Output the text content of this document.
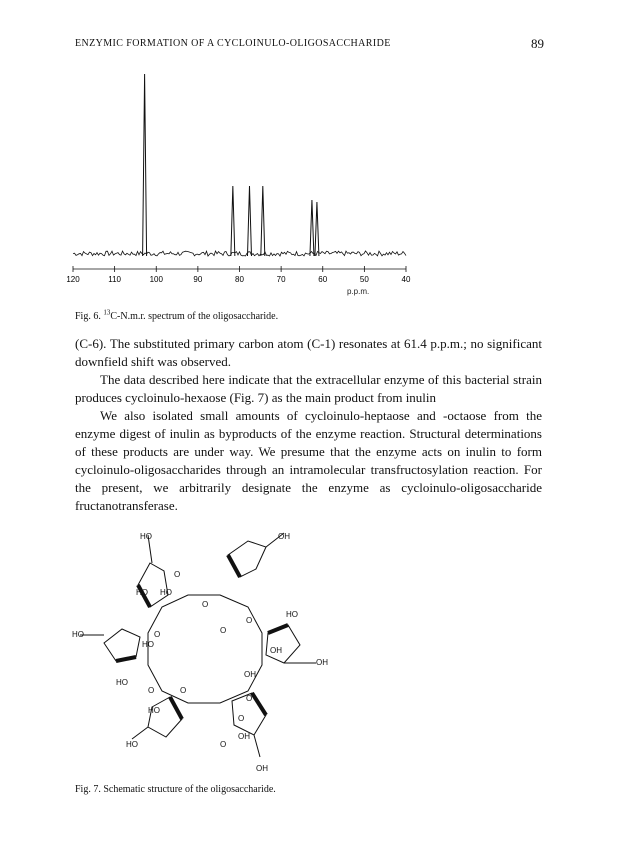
ENZYMIC FORMATION OF A CYCLOINULO-OLIGOSACCHARIDE	89
120	110	100	90	80	70	60	50	40
p.p.m.
Fig. 6. $^{13}$C-N.m.r. spectrum of the oligosaccharide.

(C-6). The substituted primary carbon atom (C-1) resonates at 61.4 p.p.m.; no significant downfield shift was observed.

The data described here indicate that the extracellular enzyme of this bacterial strain produces cycloinulo-hexaose (Fig. 7) as the main product from inulin

We also isolated small amounts of cycloinulo-heptaose and -octaose from the enzyme digest of inulin as byproducts of the enzyme reaction. Structural determinations of these products are under way. We presume that the enzyme acts on inulin to form cycloinulo-oligosaccharides through an intramolecular transfructosylation reaction. For the present, we arbitrarily designate the enzyme as cycloinulo-oligosaccharide fructanotransferase.

HO	OH
O
HO HO
O
HO
O
O
HO
OH
OH
O
HO
HO
O
O
O
HO
HO
O
OH
OH
O
OH
Fig. 7. Schematic structure of the oligosaccharide.
